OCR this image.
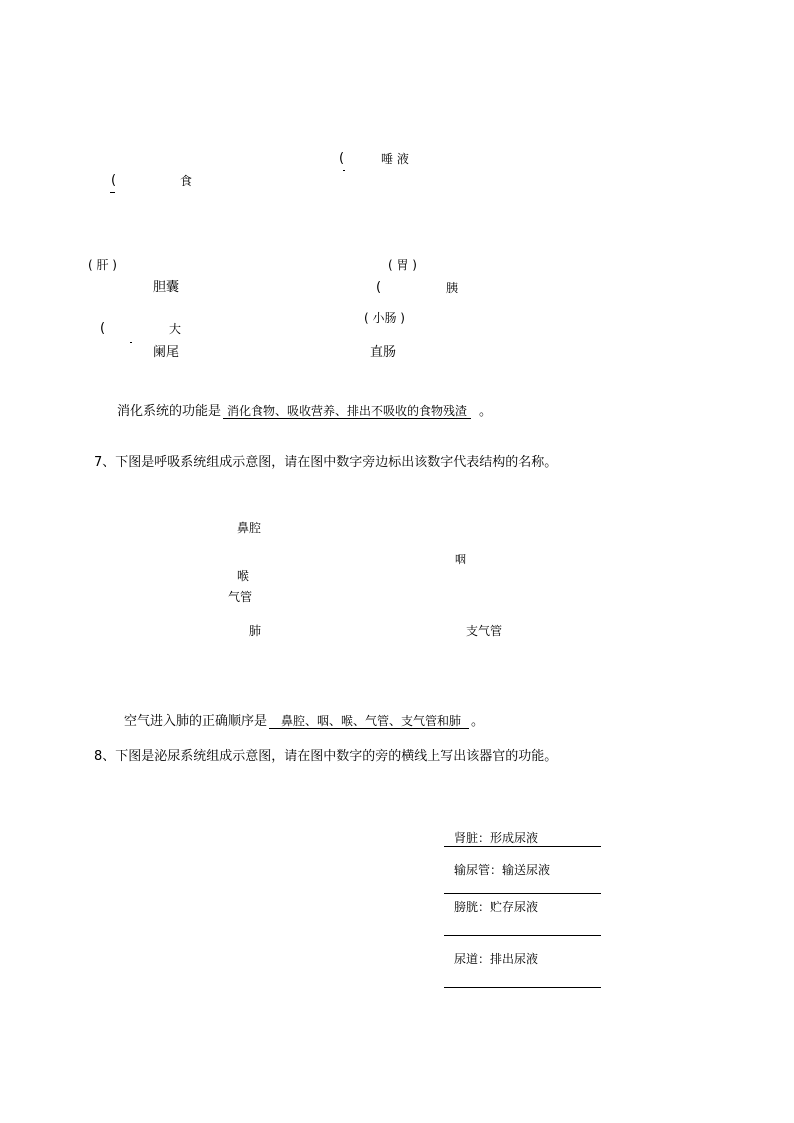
(	唾 液
(	食
( 肝 )	( 胃 )
胆囊	(	胰
( 小肠 )
(	大
阑尾	直肠
消化系统的功能是 消化食物、吸收营养、排出不吸收的食物残渣 。
7、下图是呼吸系统组成示意图，请在图中数字旁边标出该数字代表结构的名称。
鼻腔
咽
喉
气管
肺	支气管
空气进入肺的正确顺序是 鼻腔、咽、喉、气管、支气管和肺 。
8、下图是泌尿系统组成示意图，请在图中数字的旁的横线上写出该器官的功能。
肾脏：形成尿液
输尿管：输送尿液
膀胱：贮存尿液
尿道：排出尿液
